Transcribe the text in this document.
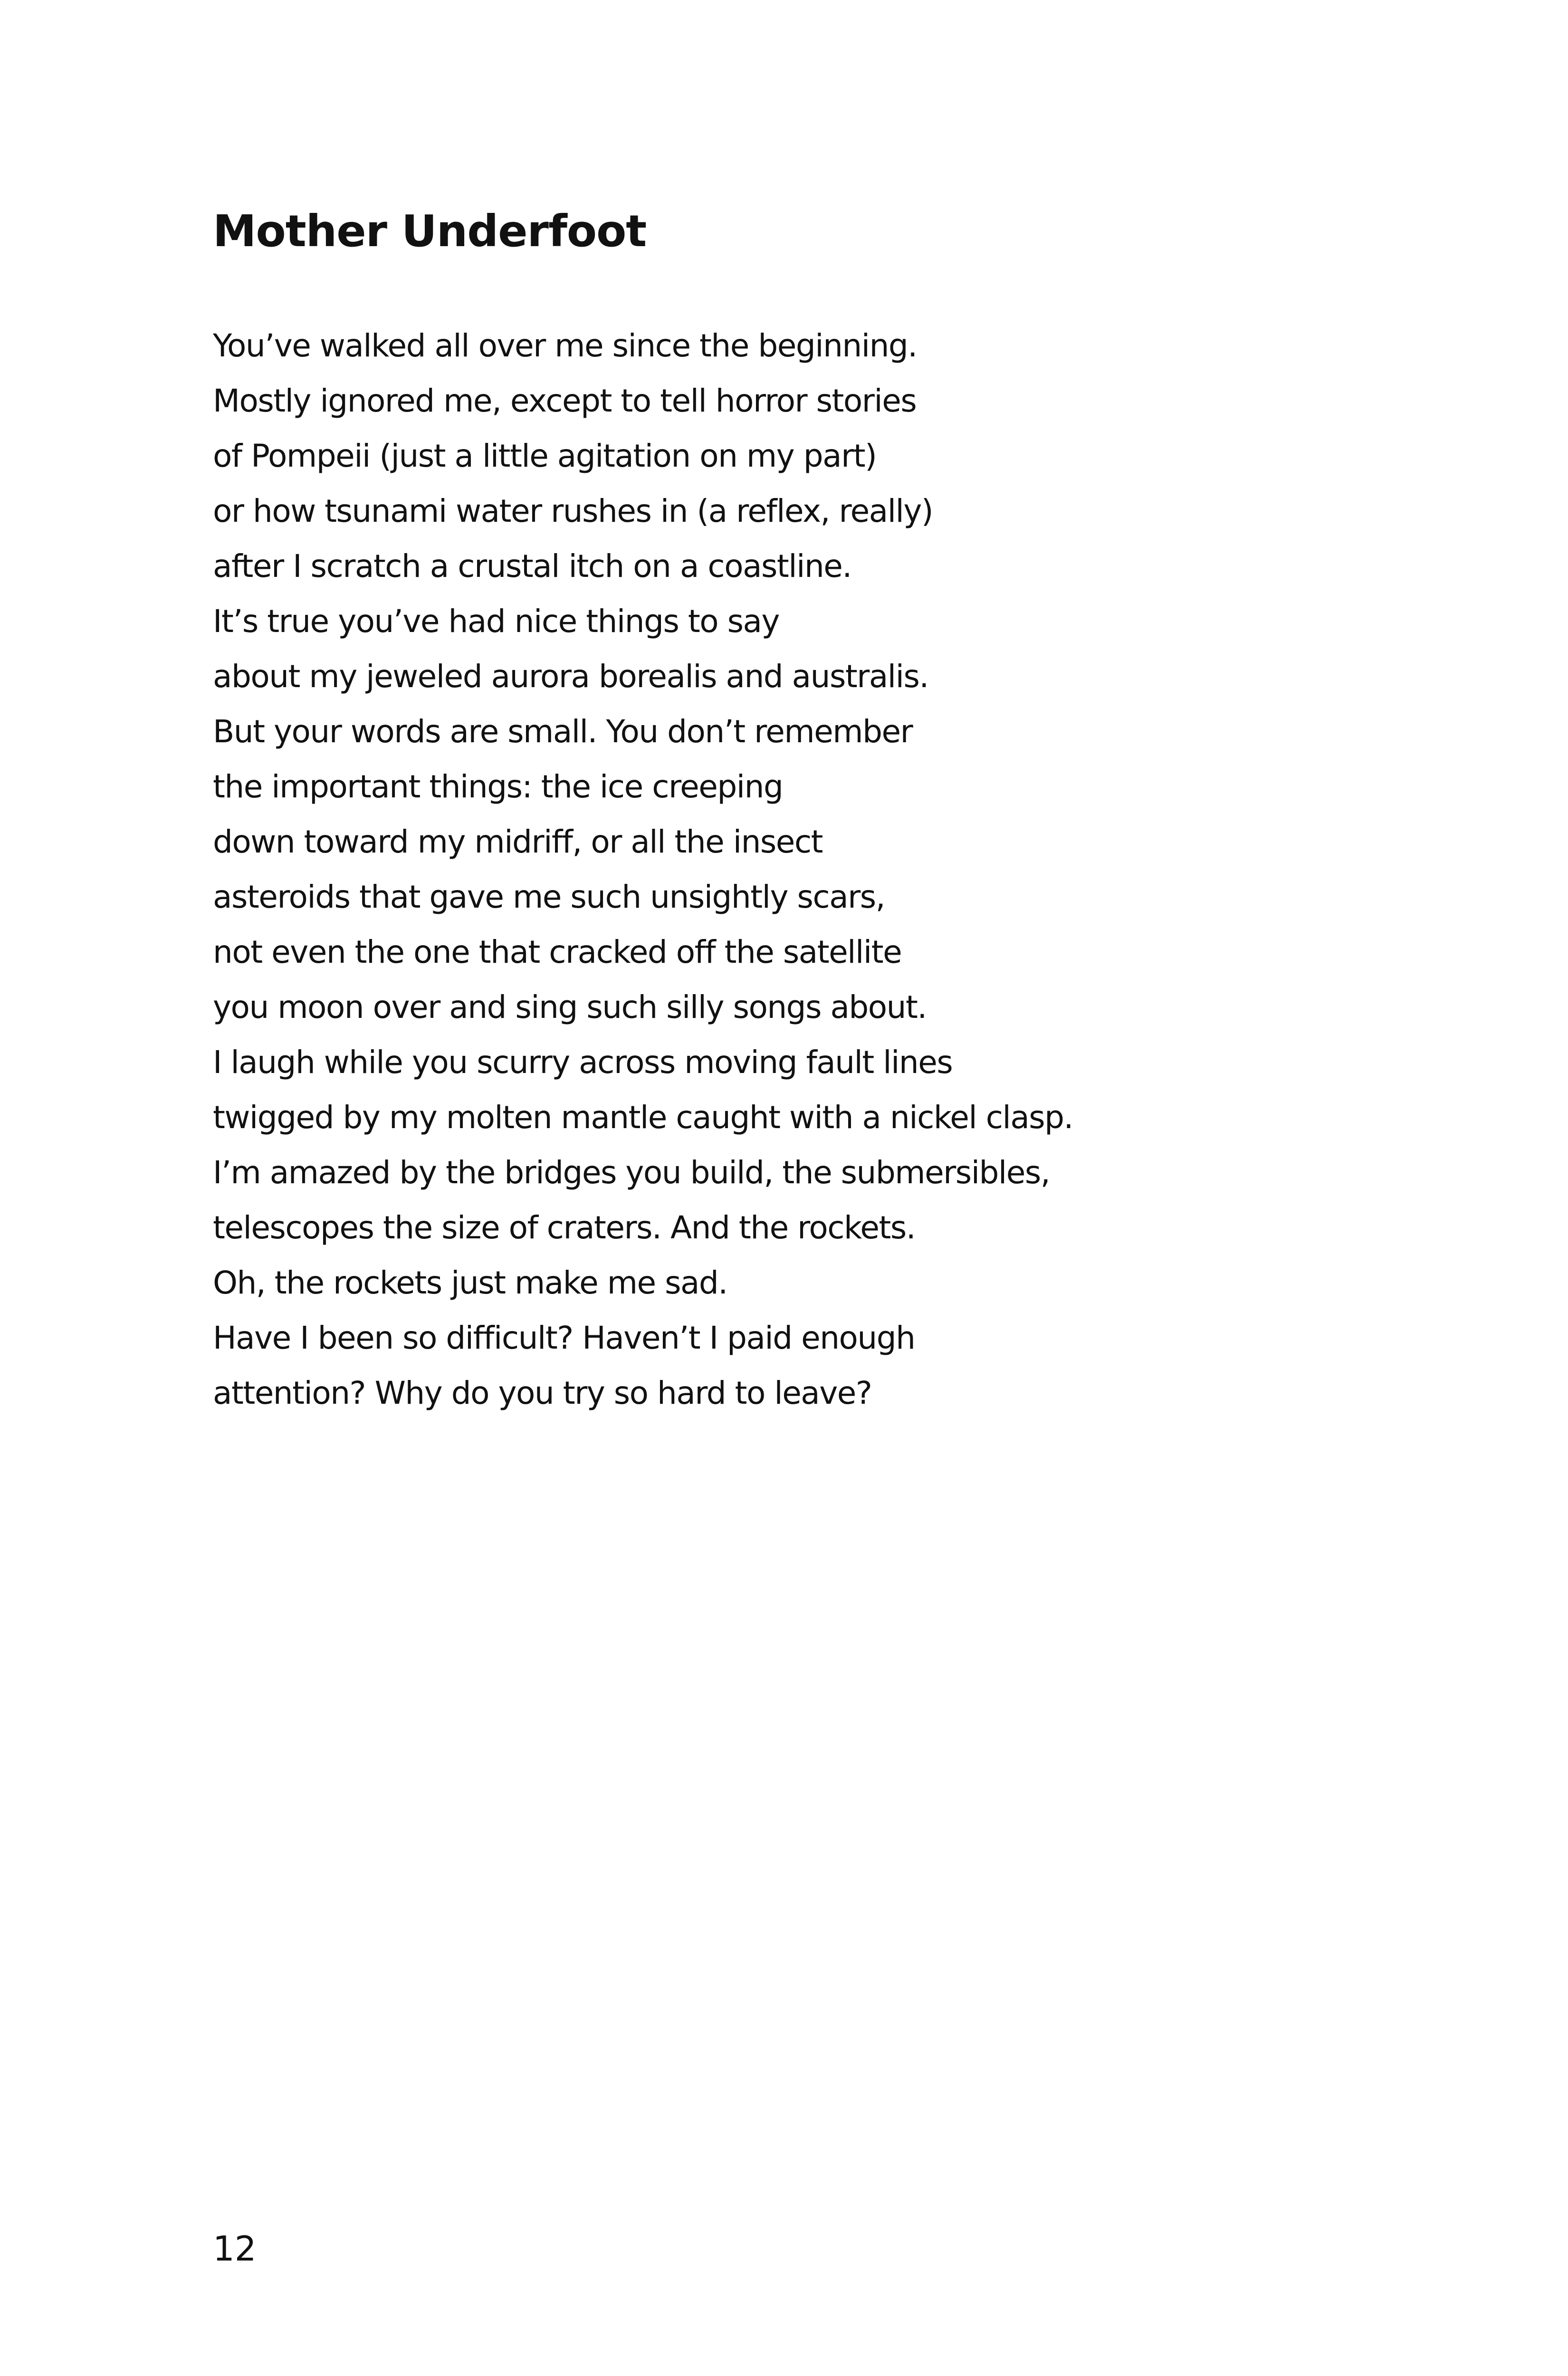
Mother Underfoot
You’ve walked all over me since the beginning.
Mostly ignored me, except to tell horror stories
of Pompeii (just a little agitation on my part)
or how tsunami water rushes in (a reflex, really)
after I scratch a crustal itch on a coastline.
It’s true you’ve had nice things to say
about my jeweled aurora borealis and australis.
But your words are small. You don’t remember
the important things: the ice creeping
down toward my midriff, or all the insect
asteroids that gave me such unsightly scars,
not even the one that cracked off the satellite
you moon over and sing such silly songs about.
I laugh while you scurry across moving fault lines
twigged by my molten mantle caught with a nickel clasp.
I’m amazed by the bridges you build, the submersibles,
telescopes the size of craters. And the rockets.
Oh, the rockets just make me sad.
Have I been so difficult? Haven’t I paid enough
attention? Why do you try so hard to leave?
12
